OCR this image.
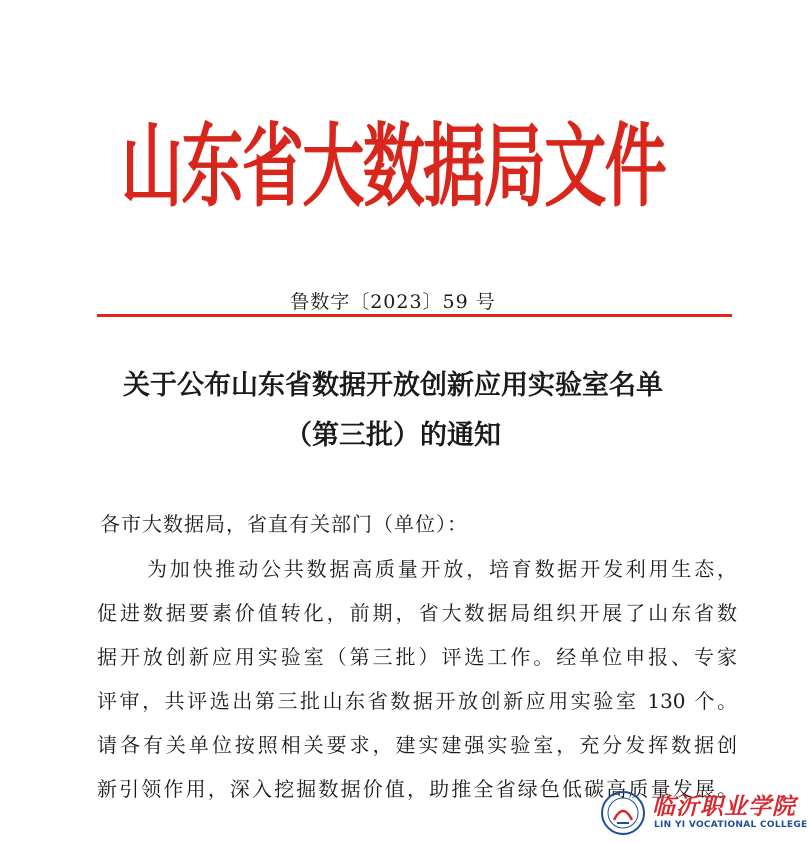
山东省大数据局文件
鲁数字〔2023〕59 号
关于公布山东省数据开放创新应用实验室名单
（第三批）的通知
各市大数据局，省直有关部门（单位）：
为加快推动公共数据高质量开放，培育数据开发利用生态，
促进数据要素价值转化，前期，省大数据局组织开展了山东省数
据开放创新应用实验室（第三批）评选工作。经单位申报、专家
评审，共评选出第三批山东省数据开放创新应用实验室 130 个。
请各有关单位按照相关要求，建实建强实验室，充分发挥数据创
新引领作用，深入挖掘数据价值，助推全省绿色低碳高质量发展。
临沂职业学院
LIN YI VOCATIONAL COLLEGE
